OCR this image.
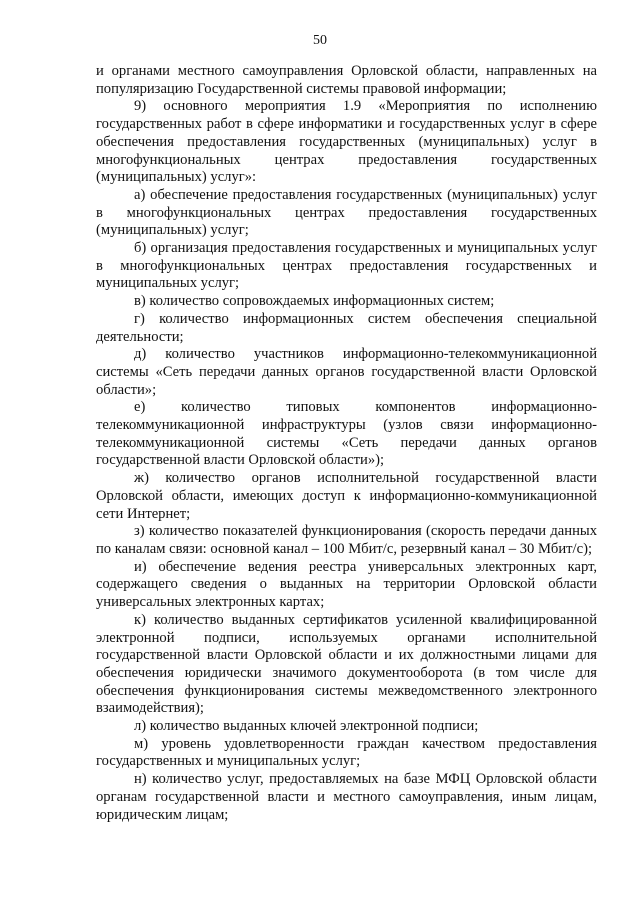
50

и органами местного самоуправления Орловской области, направленных на популяризацию Государственной системы правовой информации;

9) основного мероприятия 1.9 «Мероприятия по исполнению государственных работ в сфере информатики и государственных услуг в сфере обеспечения предоставления государственных (муниципальных) услуг в многофункциональных центрах предоставления государственных (муниципальных) услуг»:

а) обеспечение предоставления государственных (муниципальных) услуг в многофункциональных центрах предоставления государственных (муниципальных) услуг;

б) организация предоставления государственных и муниципальных услуг в многофункциональных центрах предоставления государственных и муниципальных услуг;

в) количество сопровождаемых информационных систем;

г) количество информационных систем обеспечения специальной деятельности;

д) количество участников информационно-телекоммуникационной системы «Сеть передачи данных органов государственной власти Орловской области»;

е) количество типовых компонентов информационно-телекоммуникационной инфраструктуры (узлов связи информационно-телекоммуникационной системы «Сеть передачи данных органов государственной власти Орловской области»);

ж) количество органов исполнительной государственной власти Орловской области, имеющих доступ к информационно-коммуникационной сети Интернет;

з) количество показателей функционирования (скорость передачи данных по каналам связи: основной канал – 100 Мбит/с, резервный канал – 30 Мбит/с);

и) обеспечение ведения реестра универсальных электронных карт, содержащего сведения о выданных на территории Орловской области универсальных электронных картах;

к) количество выданных сертификатов усиленной квалифицированной электронной подписи, используемых органами исполнительной государственной власти Орловской области и их должностными лицами для обеспечения юридически значимого документооборота (в том числе для обеспечения функционирования системы межведомственного электронного взаимодействия);

л) количество выданных ключей электронной подписи;

м) уровень удовлетворенности граждан качеством предоставления государственных и муниципальных услуг;

н) количество услуг, предоставляемых на базе МФЦ Орловской области органам государственной власти и местного самоуправления, иным лицам, юридическим лицам;
